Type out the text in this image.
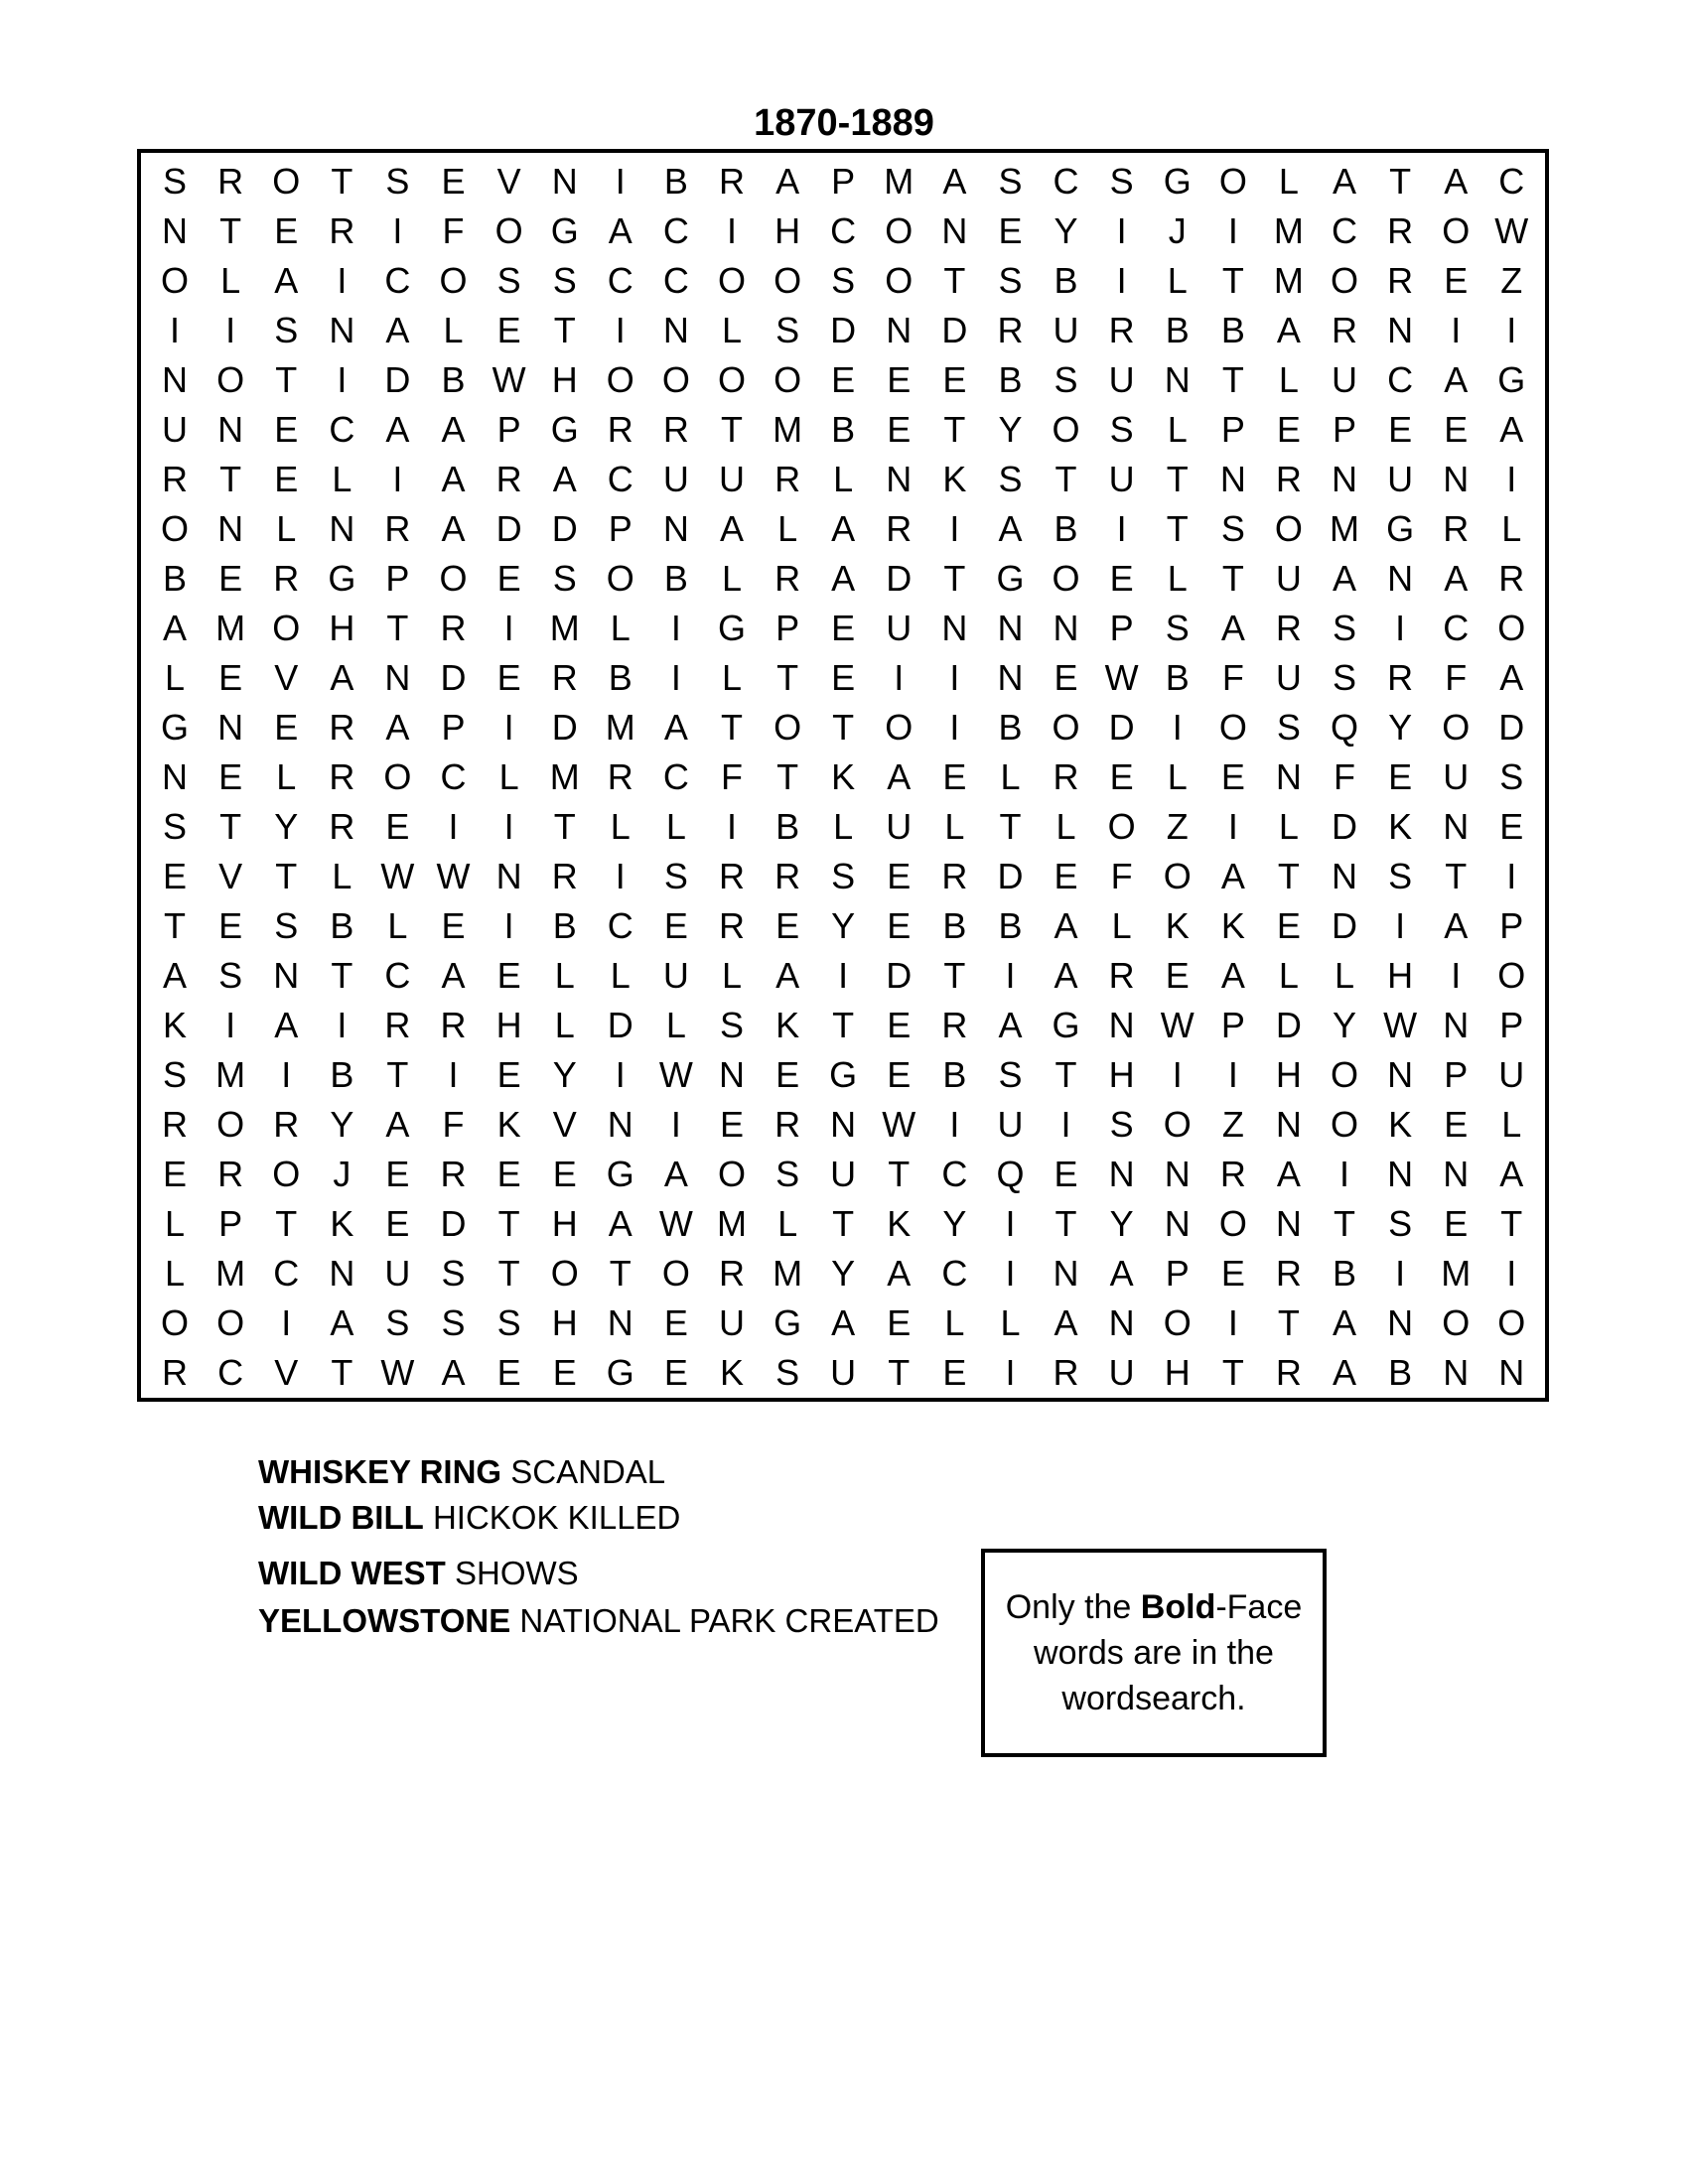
1870-1889
S R O T S E V N	I	B R A P M A S C S G O L A T A C
N T E R	I	F O G A C	I	H C O N E Y	I	J	I	M C R O W
O L A	I	C O S S C C O O S O T S B	I	L T M O R E Z
I	I	S N A L E T	I	N L S D N D R U R B B A R N	I	I
N O T	I	D B W H O O O O E E E B S U N T L U C A G
U N E C A A P G R R T M B E T Y O S L P E P E E A
R T E L	I	A R A C U U R L N K S T U T N R N U N	I
O N L N R A D D P N A L A R	I	A B	I	T S O M G R L
B E R G P O E S O B L R A D T G O E L T U A N A R
A M O H T R	I	M L	I	G P E U N N N P S A R S	I	C O
L E V A N D E R B	I	L T E	I	I	N E W B F U S R F A
G N E R A P	I	D M A T O T O	I	B O D	I	O S Q Y O D
N E L R O C L M R C F T K A E L R E L E N F E U S
S T Y R E	I	I	T L	L	I	B L U L T L O Z	I	L D K N E
E V T L W W N R	I	S R R S E R D E F O A T N S T	I
T E S B L E	I	B C E R E Y E B B A L K K E D	I	A P
A S N T C A E L	L U L A	I	D T	I	A R E A L	L H	I	O
K	I	A	I	R R H L D L S K T E R A G N W P D Y W N P
S M	I	B T	I	E Y	I W N E G E B S T H	I	I	H O N P U
R O R Y A F K V N	I	E R N W I	U	I	S O Z N O K E L
E R O J E R E E G A O S U T C Q E N N R A	I	N N A
L P T K E D T H A W M L T K Y	I	T Y N O N T S E T
L M C N U S T O T O R M Y A C	I	N A P E R B	I	M	I
O O	I	A S S S H N E U G A E L	L A N O	I	T A N O O
R C V T W A E E G E K S U T E	I	R U H T R A B N N
WHISKEY RING SCANDAL
WILD BILL HICKOK KILLED
WILD WEST SHOWS
YELLOWSTONE NATIONAL PARK CREATED	Only the Bold-Face words are in the wordsearch.
